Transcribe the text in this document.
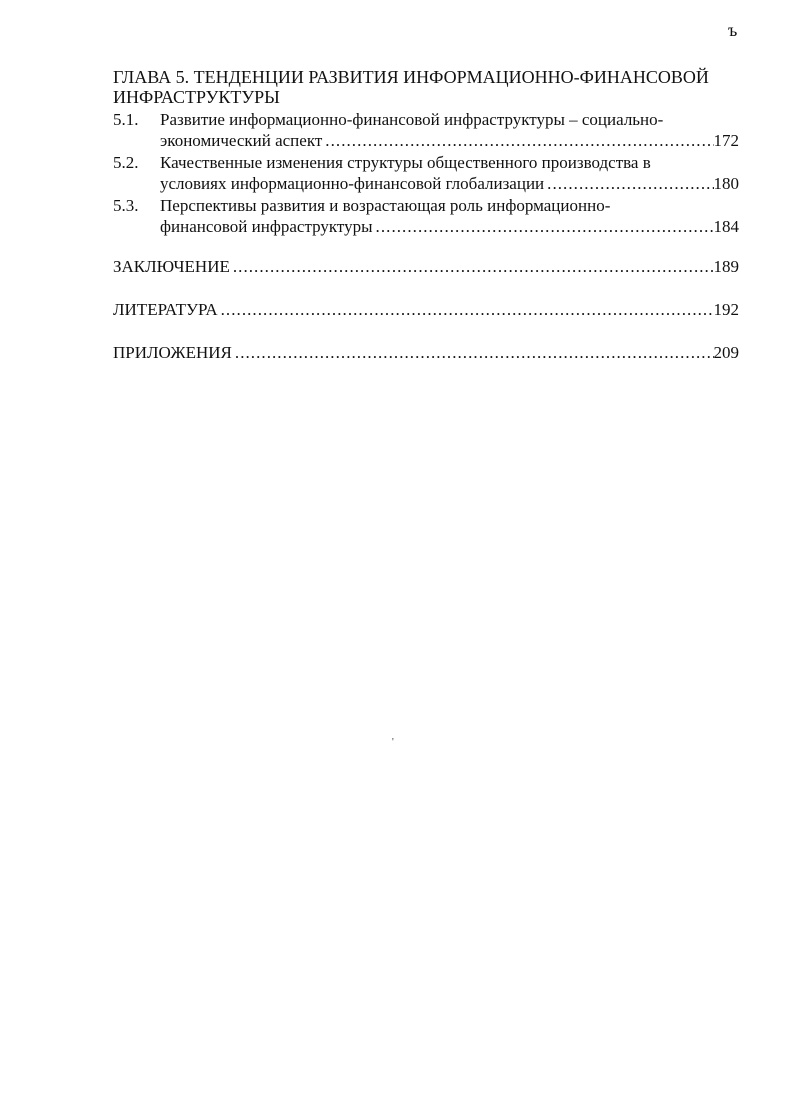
ъ

ГЛАВА 5. ТЕНДЕНЦИИ РАЗВИТИЯ ИНФОРМАЦИОННО-ФИНАНСОВОЙ

ИНФРАСТРУКТУРЫ

5.1.	Развитие информационно-финансовой инфраструктуры – социально-
экономический аспект . . .	172
5.2.	Качественные изменения структуры общественного производства в
условиях информационно-финансовой глобализации . . .	180
5.3.	Перспективы развития и возрастающая роль информационно-
финансовой инфраструктуры . . .	184
ЗАКЛЮЧЕНИЕ . . .	189
ЛИТЕРАТУРА . . .	192
ПРИЛОЖЕНИЯ . . .	209
'
